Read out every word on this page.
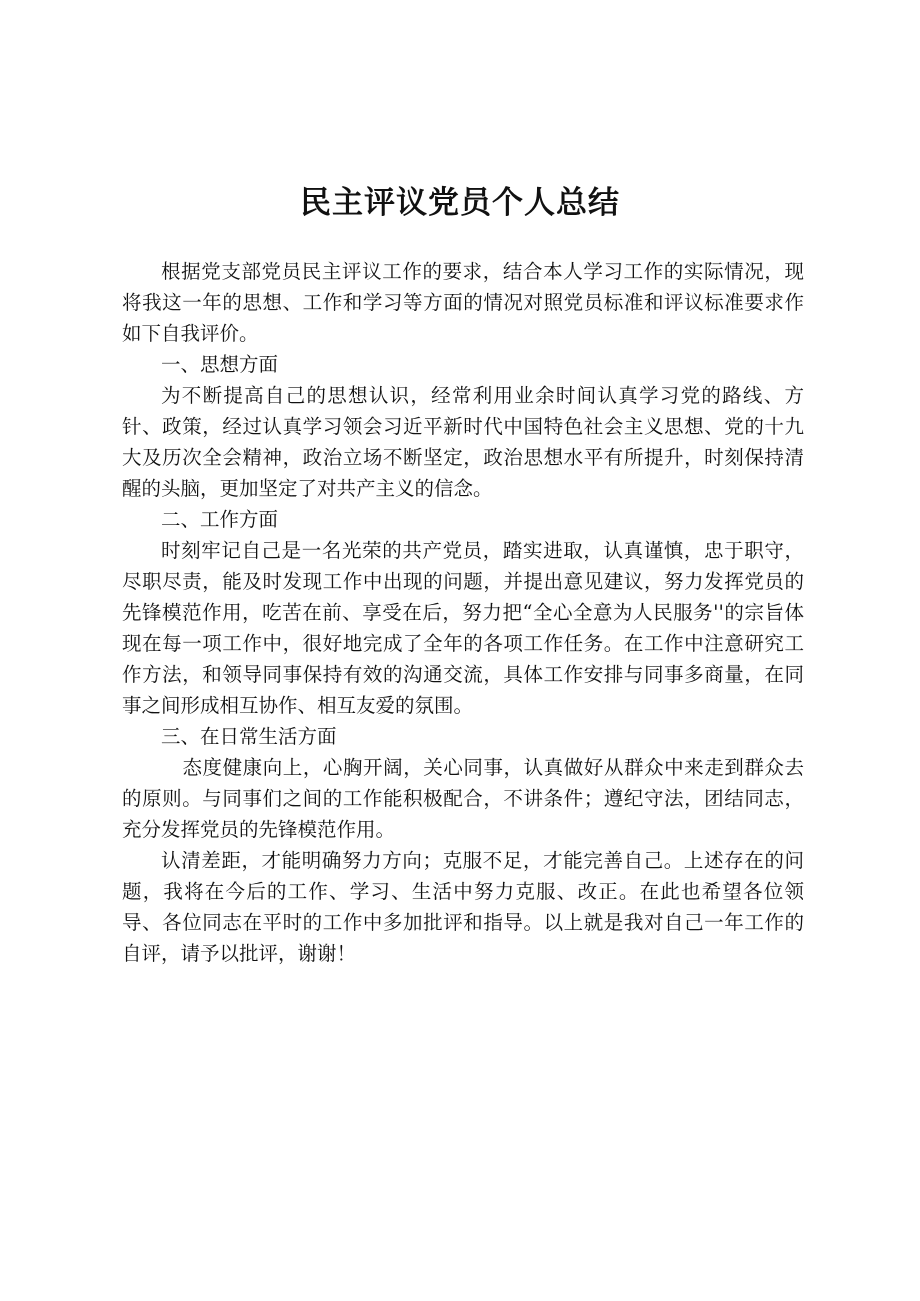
民主评议党员个人总结

根据党支部党员民主评议工作的要求，结合本人学习工作的实际情况，现将我这一年的思想、工作和学习等方面的情况对照党员标准和评议标准要求作如下自我评价。

一、思想方面

为不断提高自己的思想认识，经常利用业余时间认真学习党的路线、方针、政策，经过认真学习领会习近平新时代中国特色社会主义思想、党的十九大及历次全会精神，政治立场不断坚定，政治思想水平有所提升，时刻保持清醒的头脑，更加坚定了对共产主义的信念。

二、工作方面

时刻牢记自己是一名光荣的共产党员，踏实进取，认真谨慎，忠于职守，尽职尽责，能及时发现工作中出现的问题，并提出意见建议，努力发挥党员的先锋模范作用，吃苦在前、享受在后，努力把“全心全意为人民服务''的宗旨体现在每一项工作中，很好地完成了全年的各项工作任务。在工作中注意研究工作方法，和领导同事保持有效的沟通交流，具体工作安排与同事多商量，在同事之间形成相互协作、相互友爱的氛围。

三、在日常生活方面

态度健康向上，心胸开阔，关心同事，认真做好从群众中来走到群众去的原则。与同事们之间的工作能积极配合，不讲条件；遵纪守法，团结同志，充分发挥党员的先锋模范作用。

认清差距，才能明确努力方向；克服不足，才能完善自己。上述存在的问题，我将在今后的工作、学习、生活中努力克服、改正。在此也希望各位领导、各位同志在平时的工作中多加批评和指导。以上就是我对自己一年工作的自评，请予以批评，谢谢！
